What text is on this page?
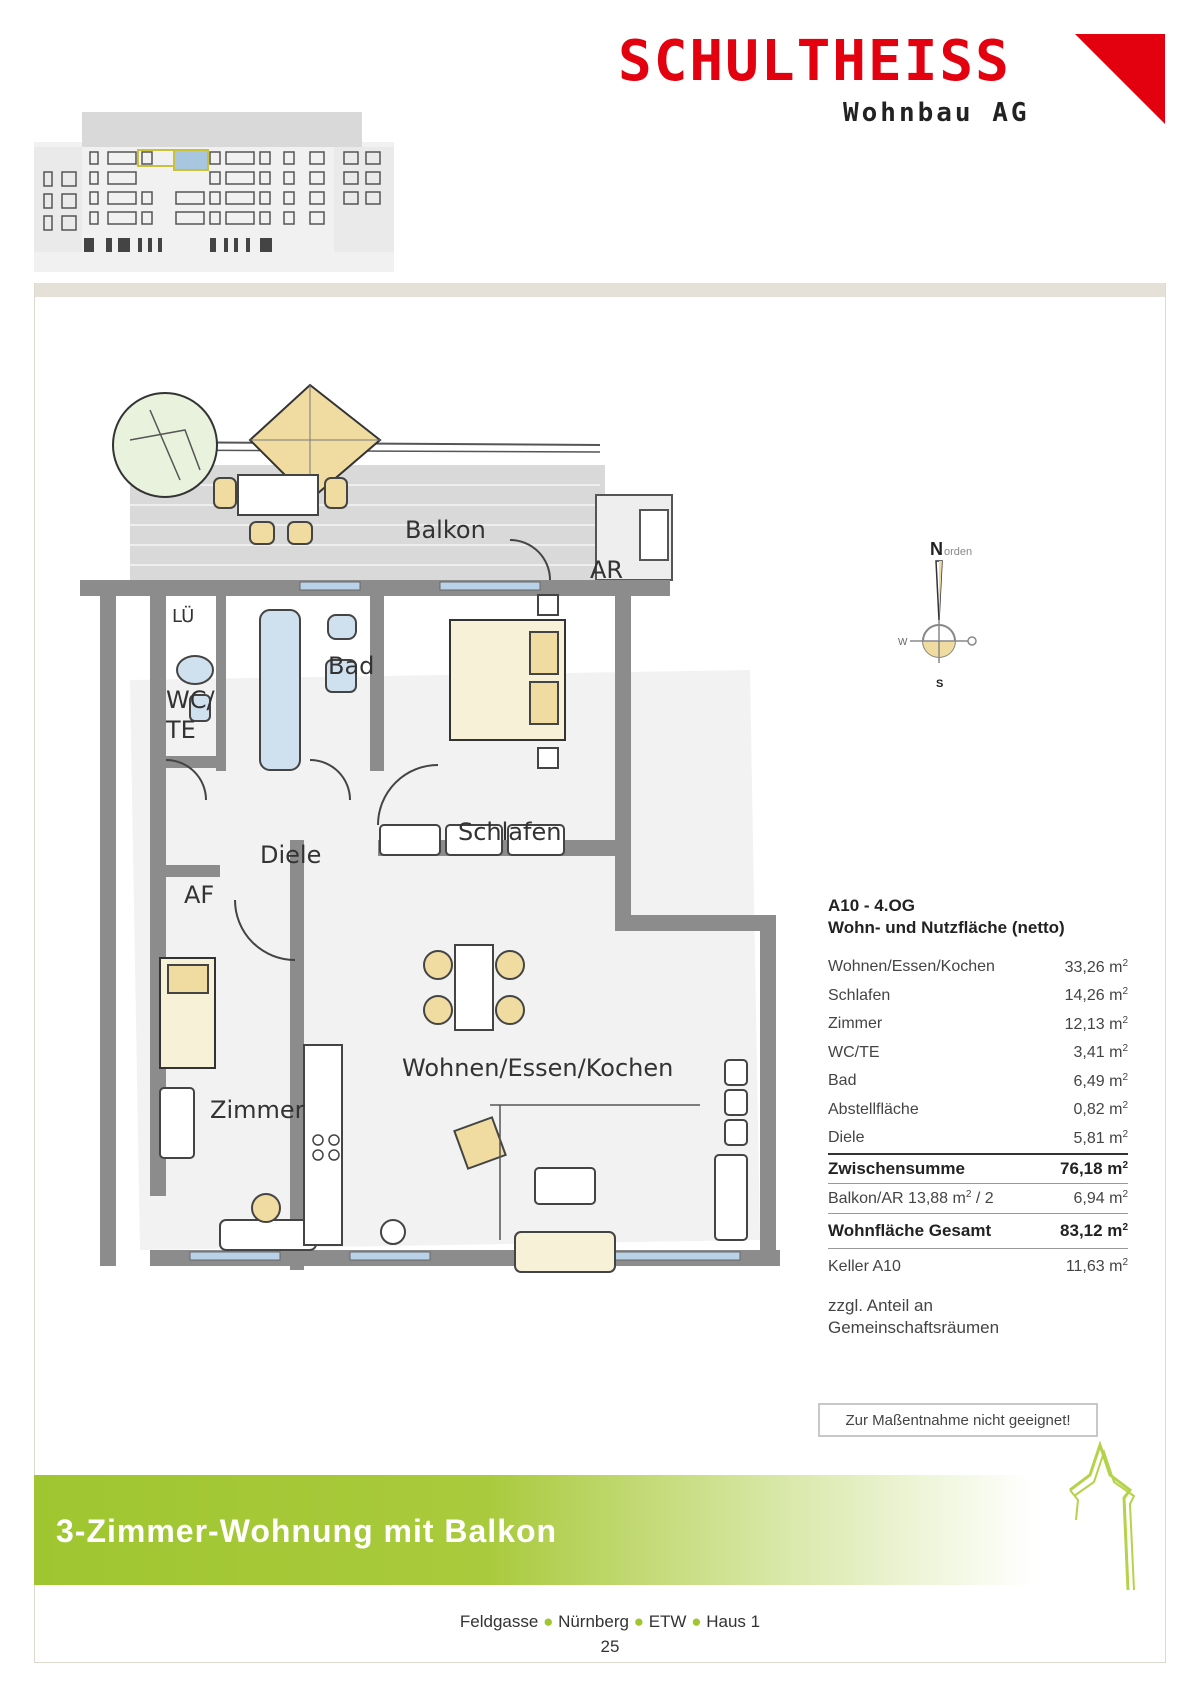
SCHULTHEISS
Wohnbau AG
Balkon
AR
LÜ
Bad
WC/
TE
Schlafen
Diele
AF
Zimmer
Wohnen/Essen/Kochen
N orden
W
S
A10 - 4.OG
Wohn- und Nutzfläche (netto)
Wohnen/Essen/Kochen	33,26 $m^2$
Schlafen	14,26 $m^2$
Zimmer	12,13 $m^2$
WC/TE	3,41 $m^2$
Bad	6,49 $m^2$
Abstellfläche	0,82 $m^2$
Diele	5,81 $m^2$
Zwischensumme	76,18 $m^2$
Balkon/AR 13,88 $m^2 / 2$	6,94 $m^2$
Wohnfläche Gesamt	83,12 $m^2$
Keller A10	11,63 $m^2$
zzgl. Anteil an
Gemeinschaftsräumen
Zur Maßentnahme nicht geeignet!
3-Zimmer-Wohnung mit Balkon
Feldgasse ● Nürnberg ● ETW ● Haus 1
25
